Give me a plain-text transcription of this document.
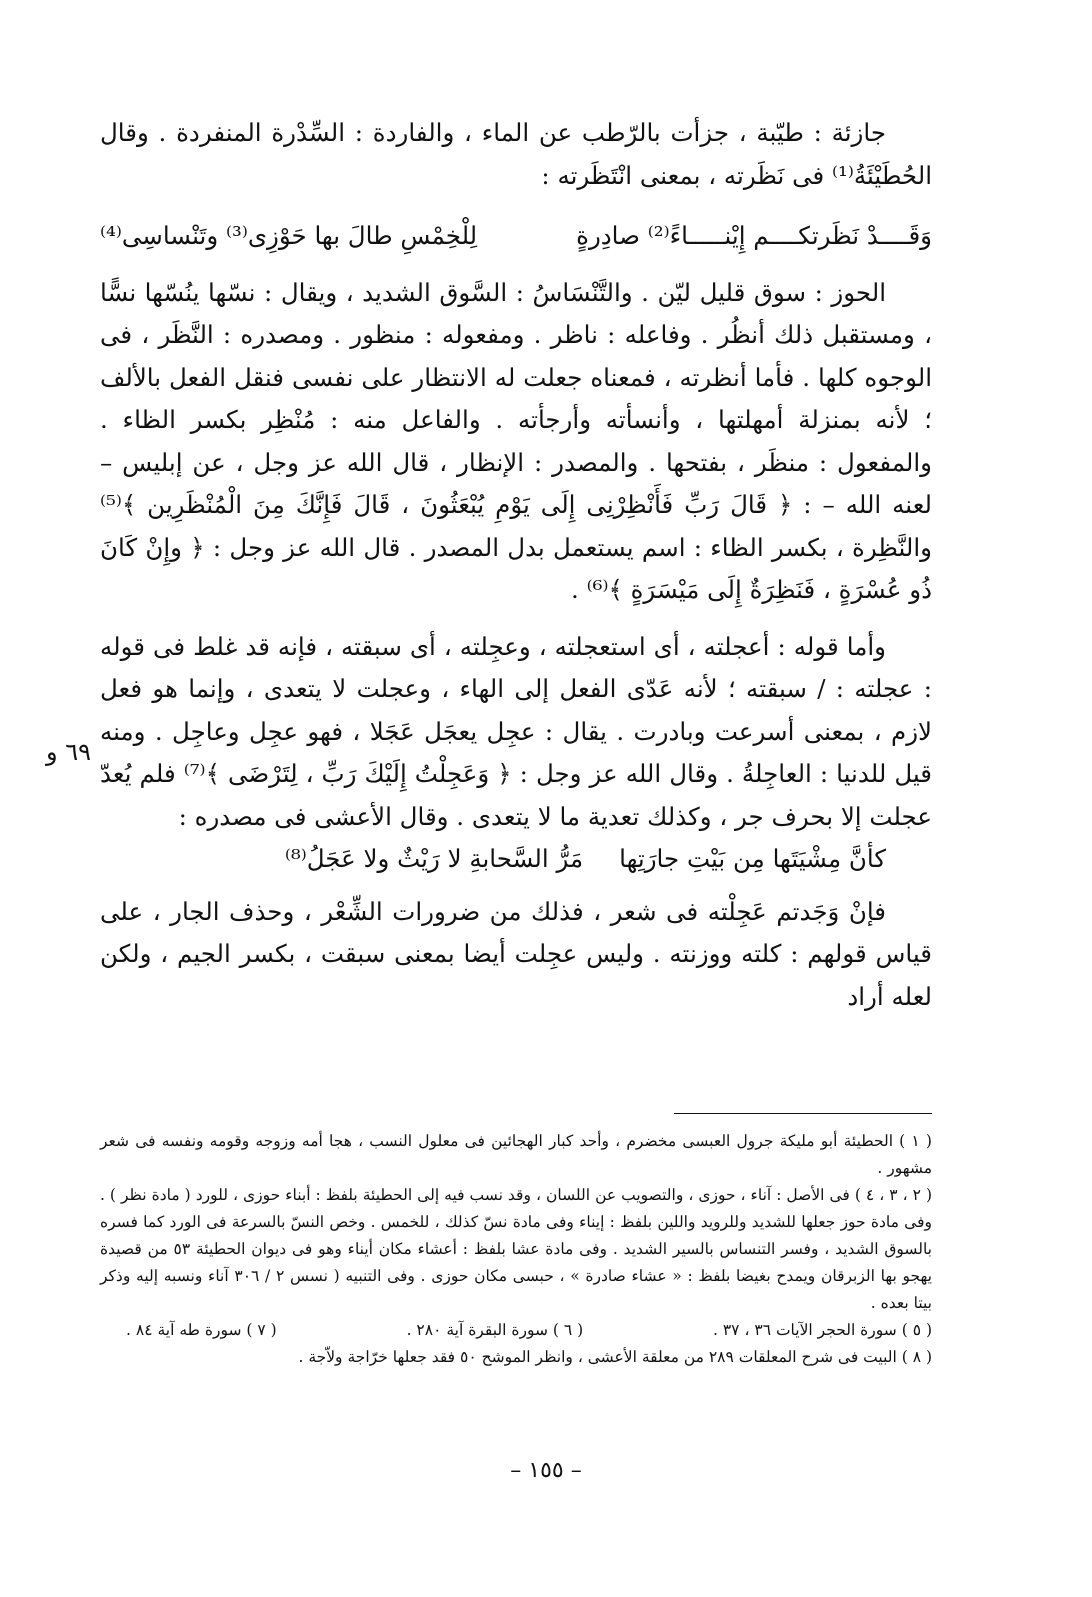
جازئة : طيّبة ، جزأت بالرّطب عن الماء ، والفاردة : السِّدْرة المنفردة . وقال الحُطَيْئَةُ⁽¹⁾ فى نَظَرته ، بمعنى انْتَظَرته :

وَقَــــدْ نَظَرتكــــم إِيْنـــــاءً⁽²⁾ صادِرةٍ
لِلْخِمْسِ طالَ بها حَوْزِى⁽³⁾ وتَنْساسِى⁽⁴⁾

الحوز : سوق قليل ليّن . والتَّنْسَاسُ : السَّوق الشديد ، ويقال : نسّها ينُسّها نسًّا ، ومستقبل ذلك أنظُر . وفاعله : ناظر . ومفعوله : منظور . ومصدره : النَّظَر ، فى الوجوه كلها . فأما أنظرته ، فمعناه جعلت له الانتظار على نفسى فنقل الفعل بالألف ؛ لأنه بمنزلة أمهلتها ، وأنسأته وأرجأته . والفاعل منه : مُنْظِر بكسر الظاء . والمفعول : منظَر ، بفتحها . والمصدر : الإنظار ، قال الله عز وجل ، عن إبليس – لعنه الله – : ﴿ قَالَ رَبِّ فَأَنْظِرْنِى إِلَى يَوْمِ يُبْعَثُونَ ، قَالَ فَإِنَّكَ مِنَ الْمُنْظَرِين ﴾⁽⁵⁾ والنَّظِرة ، بكسر الظاء : اسم يستعمل بدل المصدر . قال الله عز وجل : ﴿ وإِنْ كَانَ ذُو عُسْرَةٍ ، فَنَظِرَةٌ إِلَى مَيْسَرَةٍ ﴾⁽⁶⁾ .

وأما قوله : أعجلته ، أى استعجلته ، وعجِلته ، أى سبقته ، فإنه قد غلط فى قوله : عجلته : / سبقته ؛ لأنه عَدّى الفعل إلى الهاء ، وعجلت لا يتعدى ، وإنما هو فعل لازم ، بمعنى أسرعت وبادرت . يقال : عجِل يعجَل عَجَلا ، فهو عجِل وعاجِل . ومنه قيل للدنيا : العاجِلةُ . وقال الله عز وجل : ﴿ وَعَجِلْتُ إِلَيْكَ رَبِّ ، لِتَرْضَى ﴾⁽⁷⁾ فلم يُعدّ عجلت إلا بحرف جر ، وكذلك تعدية ما لا يتعدى . وقال الأعشى فى مصدره :

كأنَّ مِشْيَتَها مِن بَيْتِ جارَتِها
مَرُّ السَّحابةِ لا رَيْثٌ ولا عَجَلُ⁽⁸⁾

فإنْ وَجَدتم عَجِلْته فى شعر ، فذلك من ضرورات الشِّعْر ، وحذف الجار ، على قياس قولهم : كلته ووزنته . وليس عجِلت أيضا بمعنى سبقت ، بكسر الجيم ، ولكن لعله أراد

٦٩ و

( ١ ) الحطيئة أبو مليكة جرول العبسى مخضرم ، وأحد كبار الهجائين فى معلول النسب ، هجا أمه وزوجه وقومه ونفسه فى شعر مشهور .

( ٢ ، ٣ ، ٤ ) فى الأصل : آناء ، حوزى ، والتصويب عن اللسان ، وقد نسب فيه إلى الحطيئة بلفظ : أبناء حوزى ، للورد ( مادة نظر ) . وفى مادة حوز جعلها للشديد وللرويد واللين بلفظ : إيناء وفى مادة نسّ كذلك ، للخمس . وخص النسّ بالسرعة فى الورد كما فسره بالسوق الشديد ، وفسر التنساس بالسير الشديد . وفى مادة عشا بلفظ : أعشاء مكان أيناء وهو فى ديوان الحطيئة ٥٣ من قصيدة يهجو بها الزبرقان ويمدح بغيضا بلفظ : « عشاء صادرة » ، حبسى مكان حوزى . وفى التنبيه ( نسس ٢ / ٣٠٦ آناء ونسبه إليه وذكر بيتا بعده .

( ٥ ) سورة الحجر الآيات ٣٦ ، ٣٧ .
( ٦ ) سورة البقرة آية ٢٨٠ .
( ٧ ) سورة طه آية ٨٤ .

( ٨ ) البيت فى شرح المعلقات ٢٨٩ من معلقة الأعشى ، وانظر الموشح ٥٠ فقد جعلها خرّاجة ولاّجة .

– ١٥٥ –
